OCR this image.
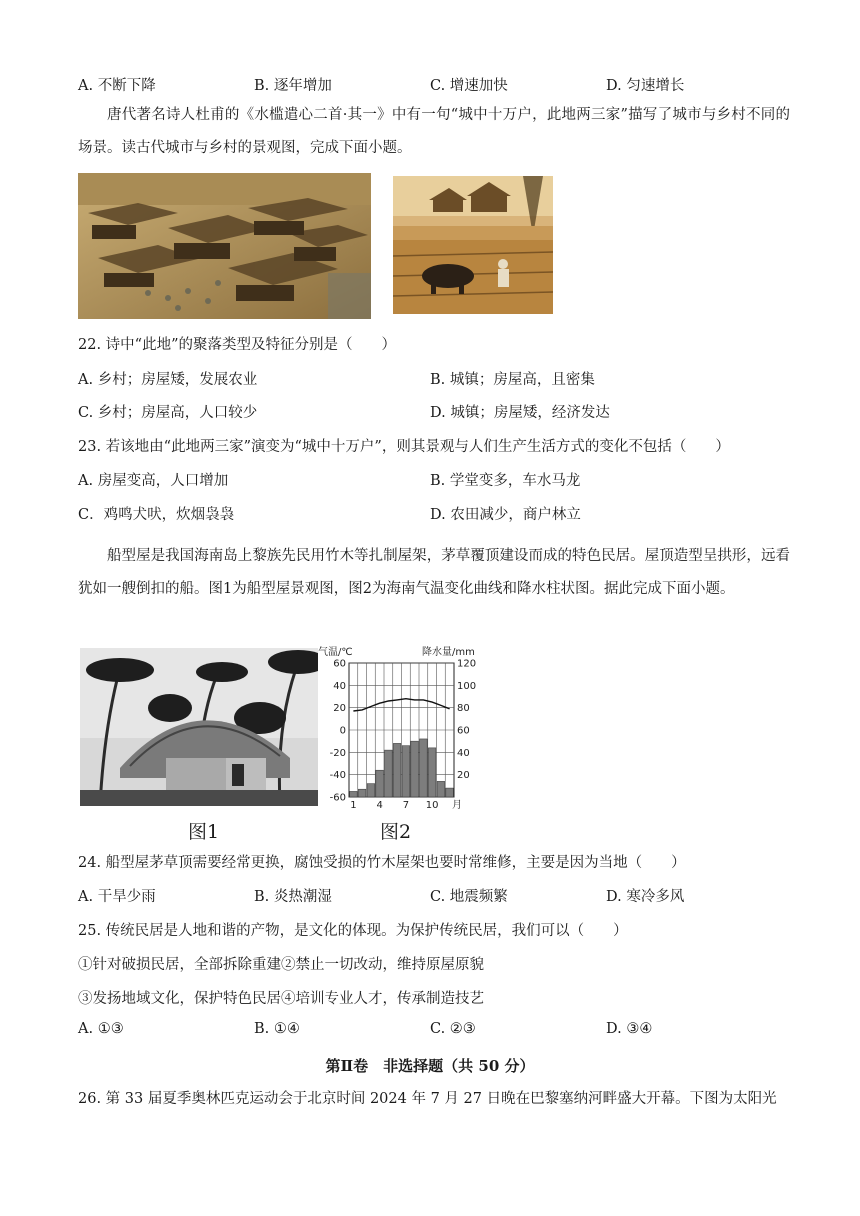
A. 不断下降	B. 逐年增加	C. 增速加快	D. 匀速增长
唐代著名诗人杜甫的《水槛遣心二首·其一》中有一句“城中十万户，此地两三家”描写了城市与乡村不同的场景。读古代城市与乡村的景观图，完成下面小题。
22. 诗中“此地”的聚落类型及特征分别是（　　）
A. 乡村；房屋矮，发展农业	B. 城镇；房屋高，且密集
C. 乡村；房屋高，人口较少	D. 城镇；房屋矮，经济发达
23. 若该地由“此地两三家”演变为“城中十万户”，则其景观与人们生产生活方式的变化不包括（　　）
A. 房屋变高，人口增加	B. 学堂变多，车水马龙
C．鸡鸣犬吠，炊烟袅袅	D. 农田减少，商户林立
船型屋是我国海南岛上黎族先民用竹木等扎制屋架，茅草覆顶建设而成的特色民居。屋顶造型呈拱形，远看犹如一艘倒扣的船。图1为船型屋景观图，图2为海南气温变化曲线和降水柱状图。据此完成下面小题。
气温/℃	降水量/mm
60
40
20
0
-20
-40
-60
120
100
80
60
40
20
1 4 7 10 月
图1	图2
24. 船型屋茅草顶需要经常更换，腐蚀受损的竹木屋架也要时常维修，主要是因为当地（　　）
A. 干旱少雨	B. 炎热潮湿	C. 地震频繁	D. 寒冷多风
25. 传统民居是人地和谐的产物，是文化的体现。为保护传统民居，我们可以（　　）
①针对破损民居，全部拆除重建②禁止一切改动，维持原屋原貌
③发扬地域文化，保护特色民居④培训专业人才，传承制造技艺
A. ①③	B. ①④	C. ②③	D. ③④
第Ⅱ卷　非选择题（共 50 分）
26. 第 33 届夏季奥林匹克运动会于北京时间 2024 年 7 月 27 日晚在巴黎塞纳河畔盛大开幕。下图为太阳光
